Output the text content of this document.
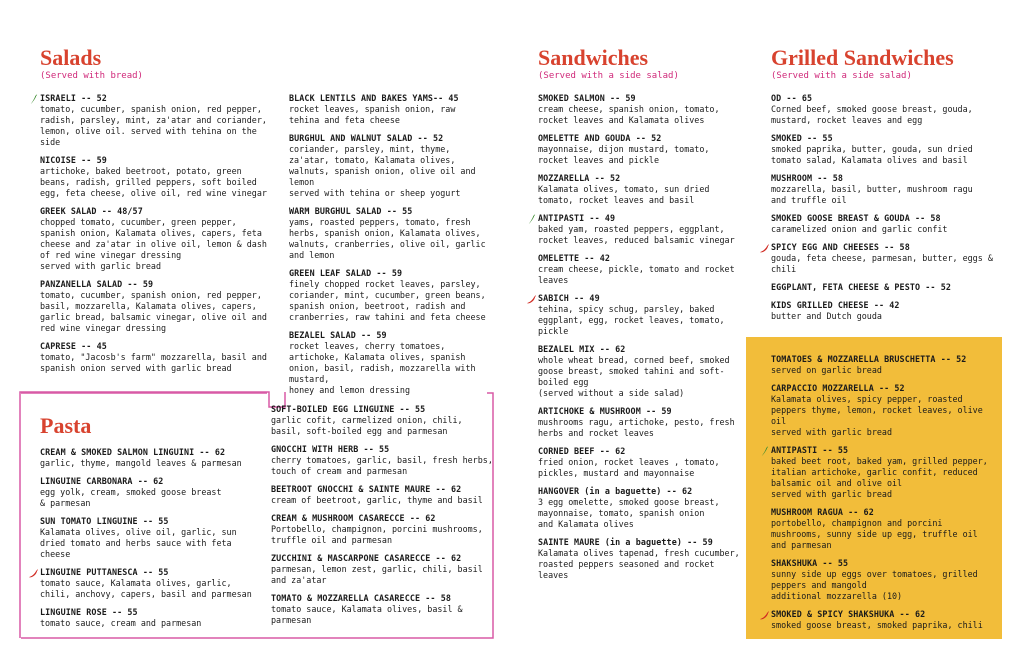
Salads
(Served with bread)
Sandwiches
(Served with a side salad)
Grilled Sandwiches
(Served with a side salad)
Pasta
ISRAELI -- 52
tomato, cucumber, spanish onion, red pepper, radish, parsley, mint, za'atar and coriander, lemon, olive oil. served with tehina on the side
NICOISE -- 59
artichoke, baked beetroot, potato, green beans, radish, grilled peppers, soft boiled egg, feta cheese, olive oil, red wine vinegar
GREEK SALAD -- 48/57
chopped tomato, cucumber, green pepper, spanish onion, Kalamata olives, capers, feta cheese and za'atar in olive oil, lemon & dash of red wine vinegar dressing
served with garlic bread
PANZANELLA SALAD -- 59
tomato, cucumber, spanish onion, red pepper, basil, mozzarella, Kalamata olives, capers, garlic bread, balsamic vinegar, olive oil and red wine vinegar dressing
CAPRESE -- 45
tomato, "Jacosb's farm" mozzarella, basil and spanish onion served with garlic bread
BLACK LENTILS AND BAKES YAMS-- 45
rocket leaves, spanish onion, raw tehina and feta cheese
BURGHUL AND WALNUT SALAD -- 52
coriander, parsley, mint, thyme, za'atar, tomato, Kalamata olives, walnuts, spanish onion, olive oil and lemon
served with tehina or sheep yogurt
WARM BURGHUL SALAD -- 55
yams, roasted peppers, tomato, fresh herbs, spanish onion, Kalamata olives, walnuts, cranberries, olive oil, garlic and lemon
GREEN LEAF SALAD -- 59
finely chopped rocket leaves, parsley, coriander, mint, cucumber, green beans, spanish onion, beetroot, radish and cranberries, raw tahini and feta cheese
BEZALEL SALAD -- 59
rocket leaves, cherry tomatoes, artichoke, Kalamata olives, spanish onion, basil, radish, mozzarella with mustard,
honey and lemon dressing
CREAM & SMOKED SALMON LINGUINI -- 62
garlic, thyme, mangold leaves & parmesan
LINGUINE CARBONARA -- 62
egg yolk, cream, smoked goose breast
& parmesan
SUN TOMATO LINGUINE -- 55
Kalamata olives, olive oil, garlic, sun dried tomato and herbs sauce with feta cheese
LINGUINE PUTTANESCA -- 55
tomato sauce, Kalamata olives, garlic, chili, anchovy, capers, basil and parmesan
LINGUINE ROSE -- 55
tomato sauce, cream and parmesan
SOFT-BOILED EGG LINGUINE -- 55
garlic cofit, carmelized onion, chili, basil, soft-boiled egg and parmesan
GNOCCHI WITH HERB -- 55
cherry tomatoes, garlic, basil, fresh herbs, touch of cream and parmesan
BEETROOT GNOCCHI & SAINTE MAURE -- 62
cream of beetroot, garlic, thyme and basil
CREAM & MUSHROOM CASARECCE -- 62
Portobello, champignon, porcini mushrooms, truffle oil and parmesan
ZUCCHINI & MASCARPONE CASARECCE -- 62
parmesan, lemon zest, garlic, chili, basil and za'atar
TOMATO & MOZZARELLA CASARECCE -- 58
tomato sauce, Kalamata olives, basil & parmesan
SMOKED SALMON -- 59
cream cheese, spanish onion, tomato, rocket leaves and Kalamata olives
OMELETTE AND GOUDA -- 52
mayonnaise, dijon mustard, tomato, rocket leaves and pickle
MOZZARELLA -- 52
Kalamata olives, tomato, sun dried tomato, rocket leaves and basil
ANTIPASTI -- 49
baked yam, roasted peppers, eggplant, rocket leaves, reduced balsamic vinegar
OMELETTE -- 42
cream cheese, pickle, tomato and rocket leaves
SABICH -- 49
tehina, spicy schug, parsley, baked eggplant, egg, rocket leaves, tomato, pickle
BEZALEL MIX -- 62
whole wheat bread, corned beef, smoked goose breast, smoked tahini and soft-boiled egg
(served without a side salad)
ARTICHOKE & MUSHROOM -- 59
mushrooms ragu, artichoke, pesto, fresh herbs and rocket leaves
CORNED BEEF -- 62
fried onion, rocket leaves , tomato, pickles, mustard and mayonnaise
HANGOVER (in a baguette) -- 62
3 egg omelette, smoked goose breast, mayonnaise, tomato, spanish onion
and Kalamata olives
SAINTE MAURE (in a baguette) -- 59
Kalamata olives tapenad, fresh cucumber, roasted peppers seasoned and rocket leaves
OD -- 65
Corned beef, smoked goose breast, gouda, mustard, rocket leaves and egg
SMOKED -- 55
smoked paprika, butter, gouda, sun dried tomato salad, Kalamata olives and basil
MUSHROOM -- 58
mozzarella, basil, butter, mushroom ragu
and truffle oil
SMOKED GOOSE BREAST & GOUDA -- 58
caramelized onion and garlic confit
SPICY EGG AND CHEESES -- 58
gouda, feta cheese, parmesan, butter, eggs & chili
EGGPLANT, FETA CHEESE & PESTO -- 52
KIDS GRILLED CHEESE -- 42
butter and Dutch gouda
TOMATOES & MOZZARELLA BRUSCHETTA -- 52
served on garlic bread
CARPACCIO MOZZARELLA -- 52
Kalamata olives, spicy pepper, roasted peppers thyme, lemon, rocket leaves, olive oil
served with garlic bread
ANTIPASTI -- 55
baked beet root, baked yam, grilled pepper, italian artichoke, garlic confit, reduced balsamic oil and olive oil
served with garlic bread
MUSHROOM RAGUA -- 62
portobello, champignon and porcini mushrooms, sunny side up egg, truffle oil and parmesan
SHAKSHUKA -- 55
sunny side up eggs over tomatoes, grilled peppers and mangold
additional mozzarella (10)
SMOKED & SPICY SHAKSHUKA -- 62
smoked goose breast, smoked paprika, chili
